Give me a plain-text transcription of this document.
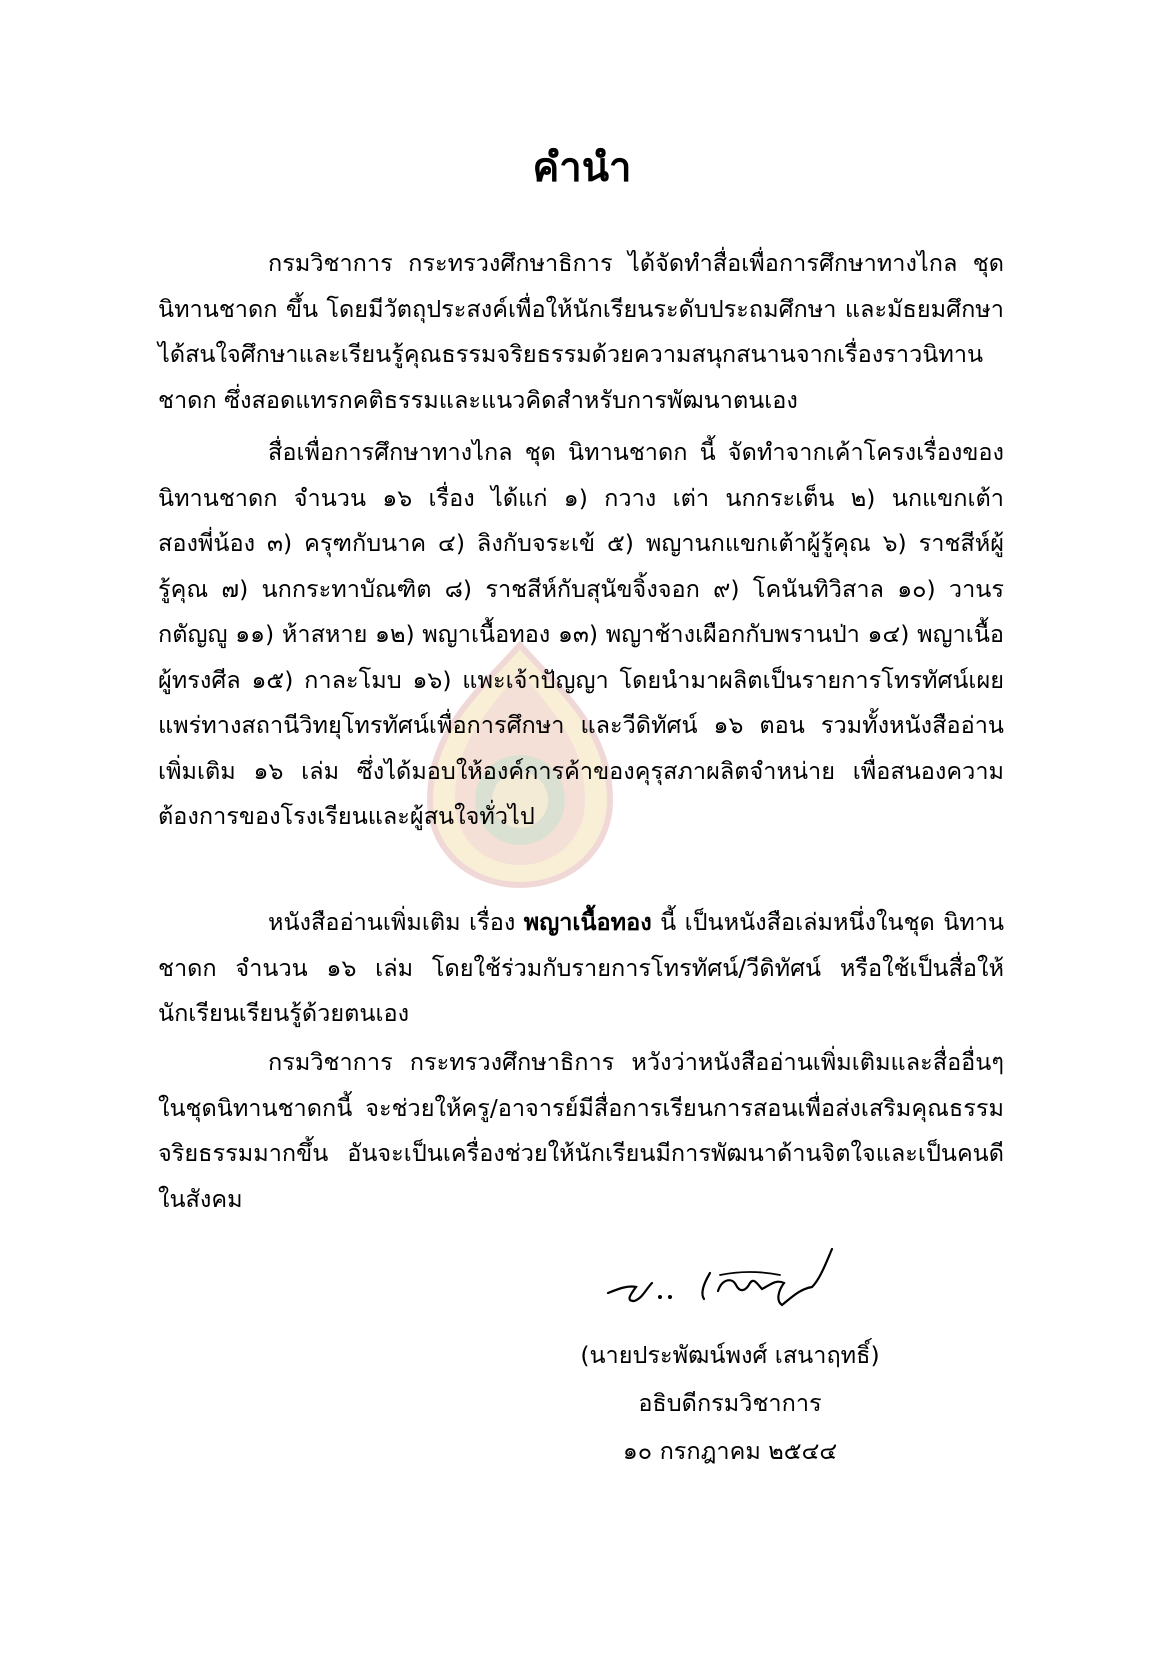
คำนำ

กรมวิชาการ กระทรวงศึกษาธิการ ได้จัดทำสื่อเพื่อการศึกษาทางไกล ชุด นิทานชาดก ขึ้น โดยมีวัตถุประสงค์เพื่อให้นักเรียนระดับประถมศึกษา และมัธยมศึกษา ได้สนใจศึกษาและเรียนรู้คุณธรรมจริยธรรมด้วยความสนุกสนานจากเรื่องราวนิทานชาดก ซึ่งสอดแทรกคติธรรมและแนวคิดสำหรับการพัฒนาตนเอง

สื่อเพื่อการศึกษาทางไกล ชุด นิทานชาดก นี้ จัดทำจากเค้าโครงเรื่องของนิทานชาดก จำนวน ๑๖ เรื่อง ได้แก่ ๑) กวาง เต่า นกกระเต็น ๒) นกแขกเต้าสองพี่น้อง ๓) ครุฑกับนาค ๔) ลิงกับจระเข้ ๕) พญานกแขกเต้าผู้รู้คุณ ๖) ราชสีห์ผู้รู้คุณ ๗) นกกระทาบัณฑิต ๘) ราชสีห์กับสุนัขจิ้งจอก ๙) โคนันทิวิสาล ๑๐) วานรกตัญญู ๑๑) ห้าสหาย ๑๒) พญาเนื้อทอง ๑๓) พญาช้างเผือกกับพรานป่า ๑๔) พญาเนื้อผู้ทรงศีล ๑๕) กาละโมบ ๑๖) แพะเจ้าปัญญา โดยนำมาผลิตเป็นรายการโทรทัศน์เผยแพร่ทางสถานีวิทยุโทรทัศน์เพื่อการศึกษา และวีดิทัศน์ ๑๖ ตอน รวมทั้งหนังสืออ่านเพิ่มเติม ๑๖ เล่ม ซึ่งได้มอบให้องค์การค้าของคุรุสภาผลิตจำหน่าย เพื่อสนองความต้องการของโรงเรียนและผู้สนใจทั่วไป

หนังสืออ่านเพิ่มเติม เรื่อง พญาเนื้อทอง นี้ เป็นหนังสือเล่มหนึ่งในชุด นิทานชาดก จำนวน ๑๖ เล่ม โดยใช้ร่วมกับรายการโทรทัศน์/วีดิทัศน์ หรือใช้เป็นสื่อให้นักเรียนเรียนรู้ด้วยตนเอง

กรมวิชาการ กระทรวงศึกษาธิการ หวังว่าหนังสืออ่านเพิ่มเติมและสื่ออื่นๆ ในชุดนิทานชาดกนี้ จะช่วยให้ครู/อาจารย์มีสื่อการเรียนการสอนเพื่อส่งเสริมคุณธรรม จริยธรรมมากขึ้น อันจะเป็นเครื่องช่วยให้นักเรียนมีการพัฒนาด้านจิตใจและเป็นคนดีในสังคม

(นายประพัฒน์พงศ์ เสนาฤทธิ์)
อธิบดีกรมวิชาการ
๑๐ กรกฎาคม ๒๕๔๔
